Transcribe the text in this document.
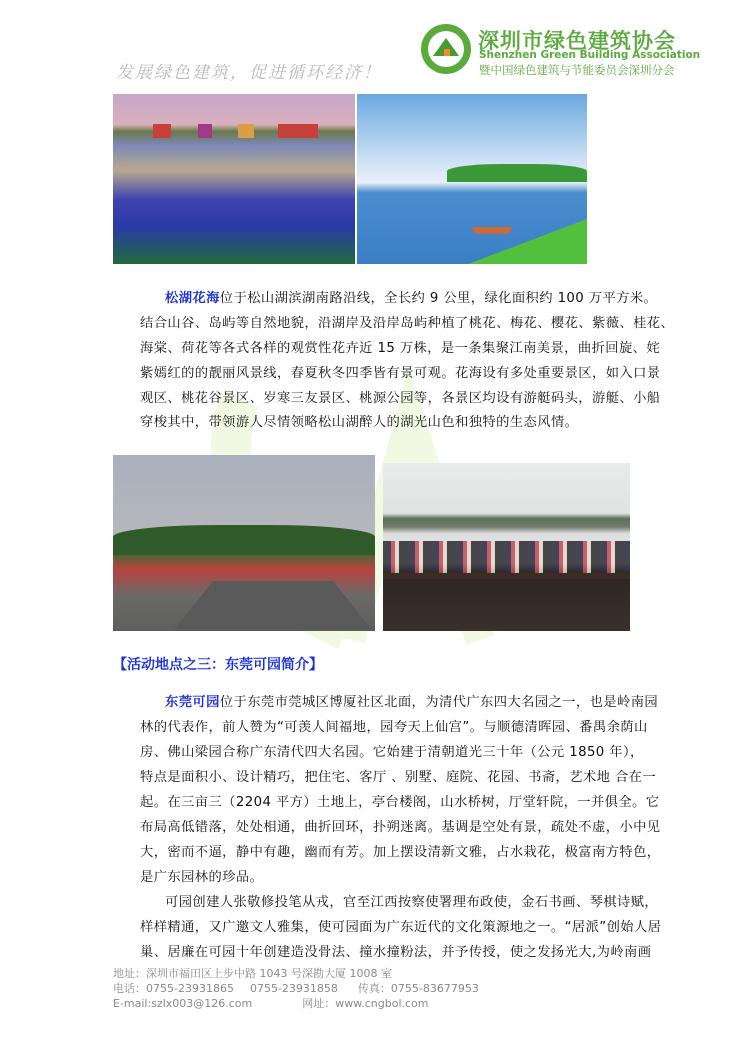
深圳市绿色建筑协会
Shenzhen Green Building Association
暨中国绿色建筑与节能委员会深圳分会
发展绿色建筑，促进循环经济！
松湖花海位于松山湖滨湖南路沿线，全长约 9 公里，绿化面积约 100 万平方米。
结合山谷、岛屿等自然地貌，沿湖岸及沿岸岛屿种植了桃花、梅花、樱花、紫薇、桂花、
海棠、荷花等各式各样的观赏性花卉近 15 万株，是一条集聚江南美景，曲折回旋、姹
紫嫣红的的靓丽风景线，春夏秋冬四季皆有景可观。花海设有多处重要景区，如入口景
观区、桃花谷景区、岁寒三友景区、桃源公园等，各景区均设有游艇码头，游艇、小船
穿梭其中，带领游人尽情领略松山湖醉人的湖光山色和独特的生态风情。
【活动地点之三：东莞可园简介】
东莞可园位于东莞市莞城区博厦社区北面，为清代广东四大名园之一，也是岭南园
林的代表作，前人赞为“可羡人间福地，园夸天上仙宫”。与顺德清晖园、番禺余荫山
房、佛山梁园合称广东清代四大名园。它始建于清朝道光三十年（公元 1850 年），
特点是面积小、设计精巧，把住宅、客厅 、别墅、庭院、花园、书斋，艺术地 合在一
起。在三亩三（2204 平方）土地上，亭台楼阁，山水桥树，厅堂轩院，一并俱全。它
布局高低错落，处处相通，曲折回环，扑朔迷离。基调是空处有景，疏处不虚，小中见
大，密而不逼，静中有趣，幽而有芳。加上摆设清新文雅，占水栽花，极富南方特色，
是广东园林的珍品。
可园创建人张敬修投笔从戎，官至江西按察使署理布政使，金石书画、琴棋诗赋，
样样精通，又广邀文人雅集，使可园面为广东近代的文化策源地之一。“居派”创始人居
巢、居廉在可园十年创建造没骨法、撞水撞粉法，并予传授，使之发扬光大,为岭南画
地址：深圳市福田区上步中路 1043 号深勘大厦 1008 室
电话：0755-23931865 0755-23931858 传真：0755-83677953
E-mail:szlx003@126.com	网址：www.cngbol.com
